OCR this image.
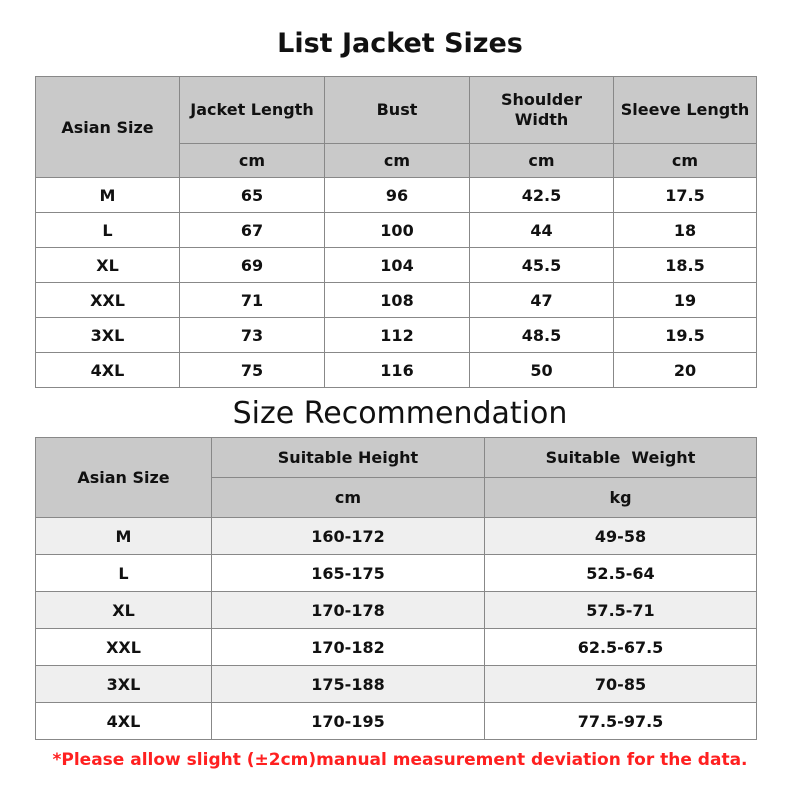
List Jacket Sizes
Asian Size	Jacket Length	Bust	Shoulder Width	Sleeve Length
	cm	cm	cm	cm
M	65	96	42.5	17.5
L	67	100	44	18
XL	69	104	45.5	18.5
XXL	71	108	47	19
3XL	73	112	48.5	19.5
4XL	75	116	50	20
Size Recommendation
Asian Size	Suitable Height	Suitable  Weight
	cm	kg
M	160-172	49-58
L	165-175	52.5-64
XL	170-178	57.5-71
XXL	170-182	62.5-67.5
3XL	175-188	70-85
4XL	170-195	77.5-97.5
*Please allow slight (±2cm)manual measurement deviation for the data.
